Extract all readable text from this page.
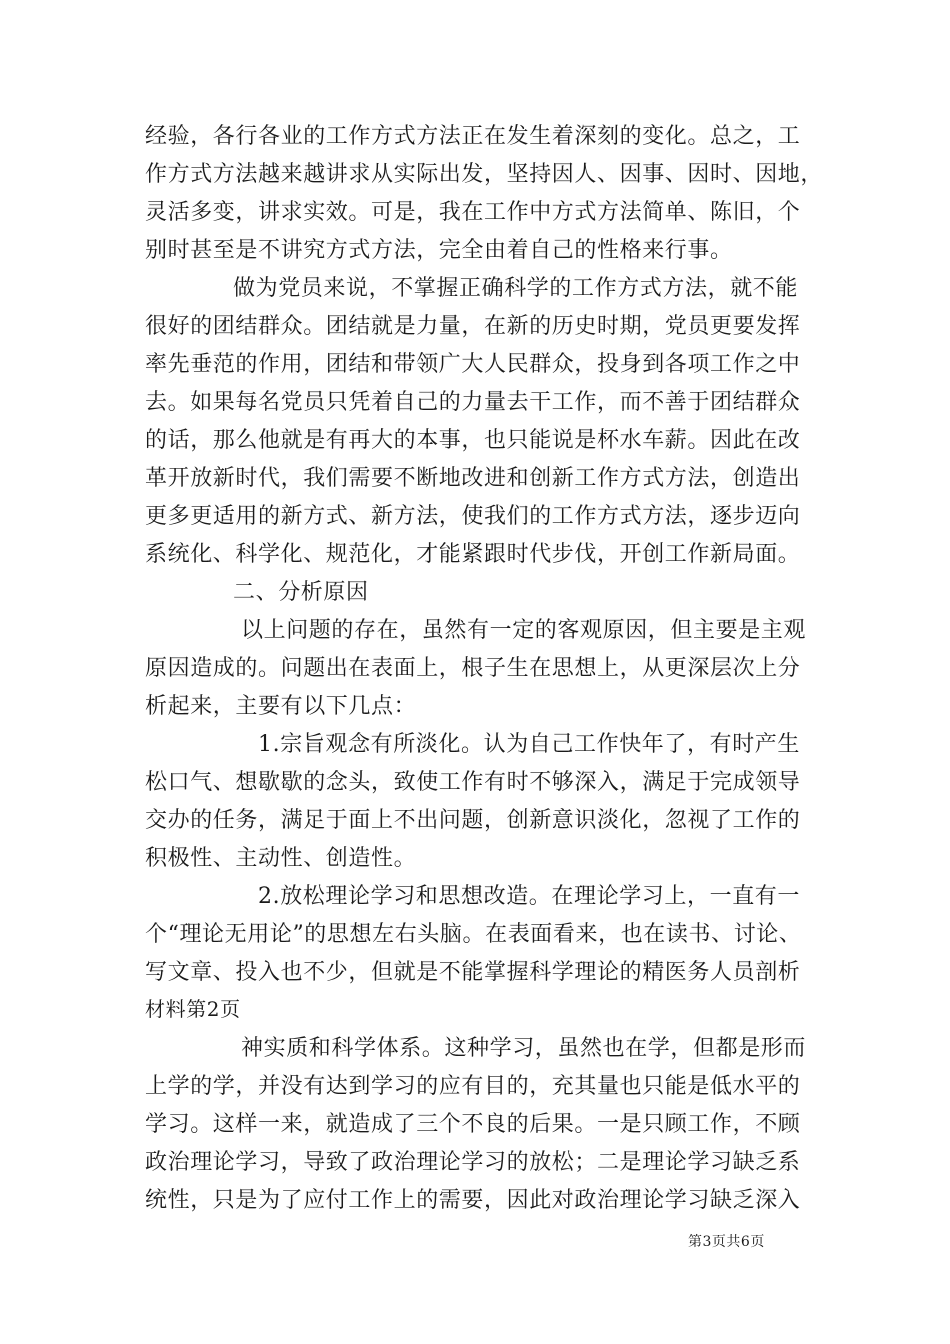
经验，各行各业的工作方式方法正在发生着深刻的变化。总之，工
作方式方法越来越讲求从实际出发，坚持因人、因事、因时、因地，
灵活多变，讲求实效。可是，我在工作中方式方法简单、陈旧，个
别时甚至是不讲究方式方法，完全由着自己的性格来行事。
做为党员来说，不掌握正确科学的工作方式方法，就不能
很好的团结群众。团结就是力量，在新的历史时期，党员更要发挥
率先垂范的作用，团结和带领广大人民群众，投身到各项工作之中
去。如果每名党员只凭着自己的力量去干工作，而不善于团结群众
的话，那么他就是有再大的本事，也只能说是杯水车薪。因此在改
革开放新时代，我们需要不断地改进和创新工作方式方法，创造出
更多更适用的新方式、新方法，使我们的工作方式方法，逐步迈向
系统化、科学化、规范化，才能紧跟时代步伐，开创工作新局面。
二、分析原因
以上问题的存在，虽然有一定的客观原因，但主要是主观
原因造成的。问题出在表面上，根子生在思想上，从更深层次上分
析起来，主要有以下几点：
1.宗旨观念有所淡化。认为自己工作快年了，有时产生
松口气、想歇歇的念头，致使工作有时不够深入，满足于完成领导
交办的任务，满足于面上不出问题，创新意识淡化，忽视了工作的
积极性、主动性、创造性。
2.放松理论学习和思想改造。在理论学习上，一直有一
个“理论无用论”的思想左右头脑。在表面看来，也在读书、讨论、
写文章、投入也不少，但就是不能掌握科学理论的精医务人员剖析
材料第2页
神实质和科学体系。这种学习，虽然也在学，但都是形而
上学的学，并没有达到学习的应有目的，充其量也只能是低水平的
学习。这样一来，就造成了三个不良的后果。一是只顾工作，不顾
政治理论学习，导致了政治理论学习的放松；二是理论学习缺乏系
统性，只是为了应付工作上的需要，因此对政治理论学习缺乏深入
第3页共6页
